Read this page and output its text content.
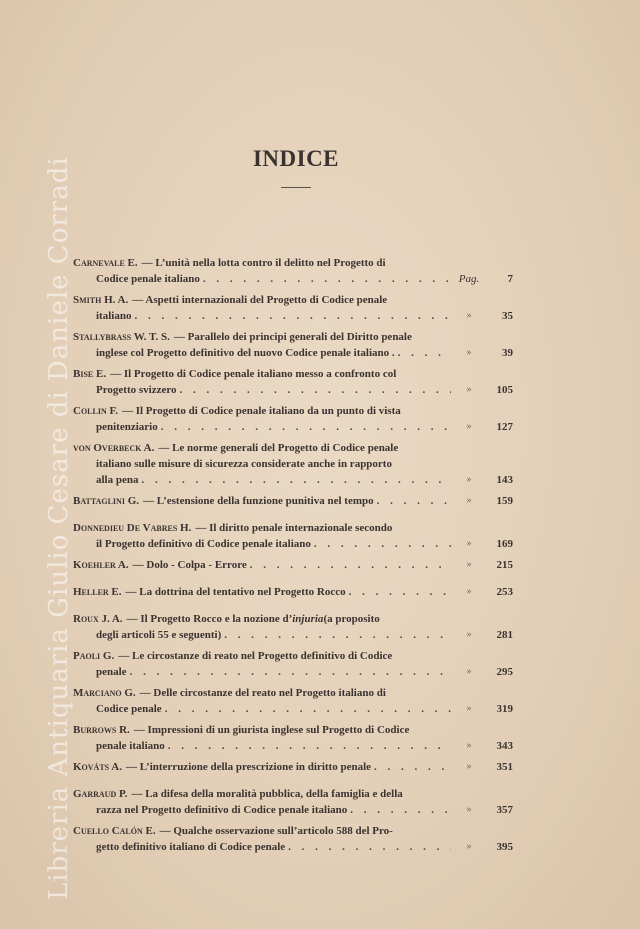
Libreria Antiquaria Giulio Cesare di Daniele Corradi	INDICE
Carnevale E. — L’unità nella lotta contro il delitto nel Progetto di
Codice penale italiano . . .	Pag.	7
Smith H. A. — Aspetti internazionali del Progetto di Codice penale
italiano . . .	»	35
Stallybrass W. T. S. — Parallelo dei principi generali del Diritto penale
inglese col Progetto definitivo del nuovo Codice penale italiano . . . .	»	39
Bise E. — Il Progetto di Codice penale italiano messo a confronto col
Progetto svizzero . . .	»	105
Collin F. — Il Progetto di Codice penale italiano da un punto di vista
penitenziario . . .	»	127
von Overbeck A. — Le norme generali del Progetto di Codice penale
italiano sulle misure di sicurezza considerate anche in rapporto
alla pena . . .	»	143
Battaglini G. — L’estensione della funzione punitiva nel tempo . . .	»	159
Donnedieu De Vabres H. — Il diritto penale internazionale secondo
il Progetto definitivo di Codice penale italiano . . .	»	169
Koehler A. — Dolo - Colpa - Errore . . .	»	215
Heller E. — La dottrina del tentativo nel Progetto Rocco . . .	»	253
Roux J. A. — Il Progetto Rocco e la nozione d’ injuria (a proposito
degli articoli 55 e seguenti) . . .	»	281
Paoli G. — Le circostanze di reato nel Progetto definitivo di Codice
penale . . .	»	295
Marciano G. — Delle circostanze del reato nel Progetto italiano di
Codice penale . . .	»	319
Burrows R. — Impressioni di un giurista inglese sul Progetto di Codice
penale italiano . . .	»	343
Kováts A. — L’interruzione della prescrizione in diritto penale . . .	»	351
Garraud P. — La difesa della moralità pubblica, della famiglia e della
razza nel Progetto definitivo di Codice penale italiano . . .	»	357
Cuello Calón E. — Qualche osservazione sull’articolo 588 del Pro-
getto definitivo italiano di Codice penale . . .	»	395
